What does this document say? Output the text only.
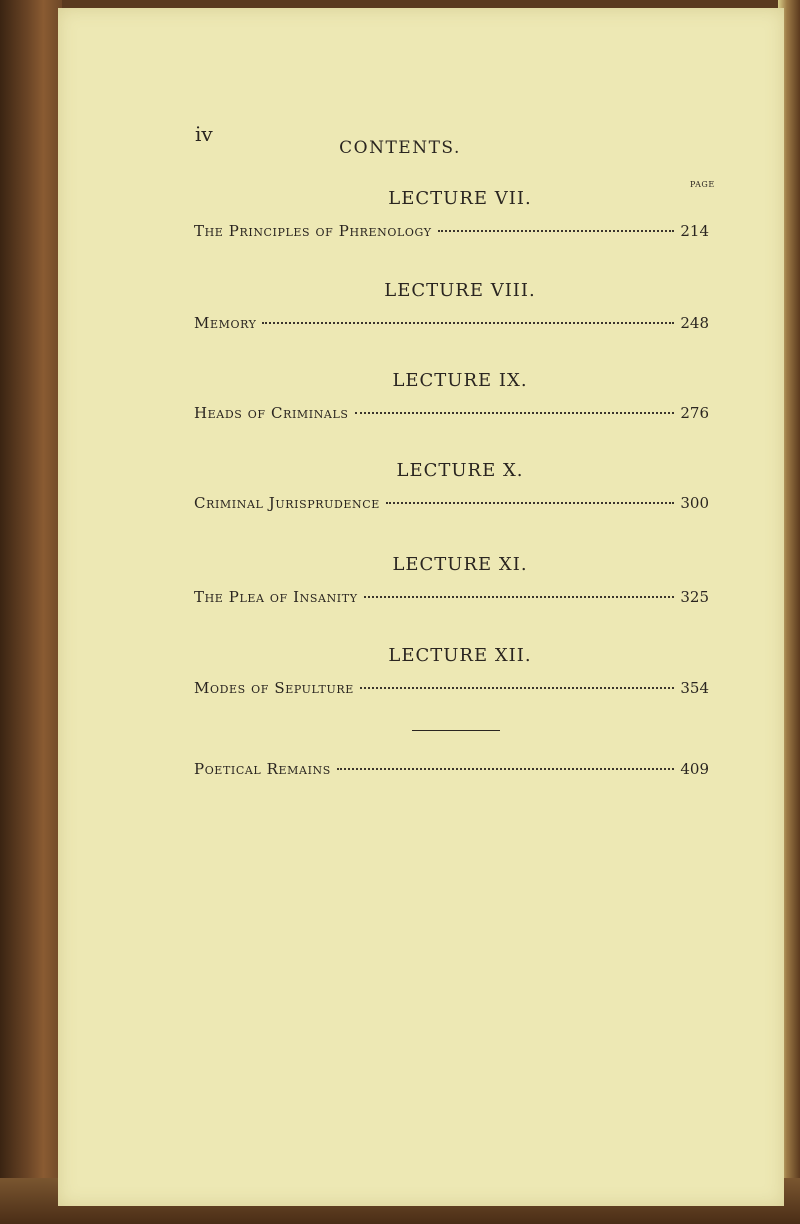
iv
CONTENTS.
PAGE
LECTURE VII.
The Principles of Phrenology	214
LECTURE VIII.
Memory	248
LECTURE IX.
Heads of Criminals	276
LECTURE X.
Criminal Jurisprudence	300
LECTURE XI.
The Plea of Insanity	325
LECTURE XII.
Modes of Sepulture	354
Poetical Remains	409
